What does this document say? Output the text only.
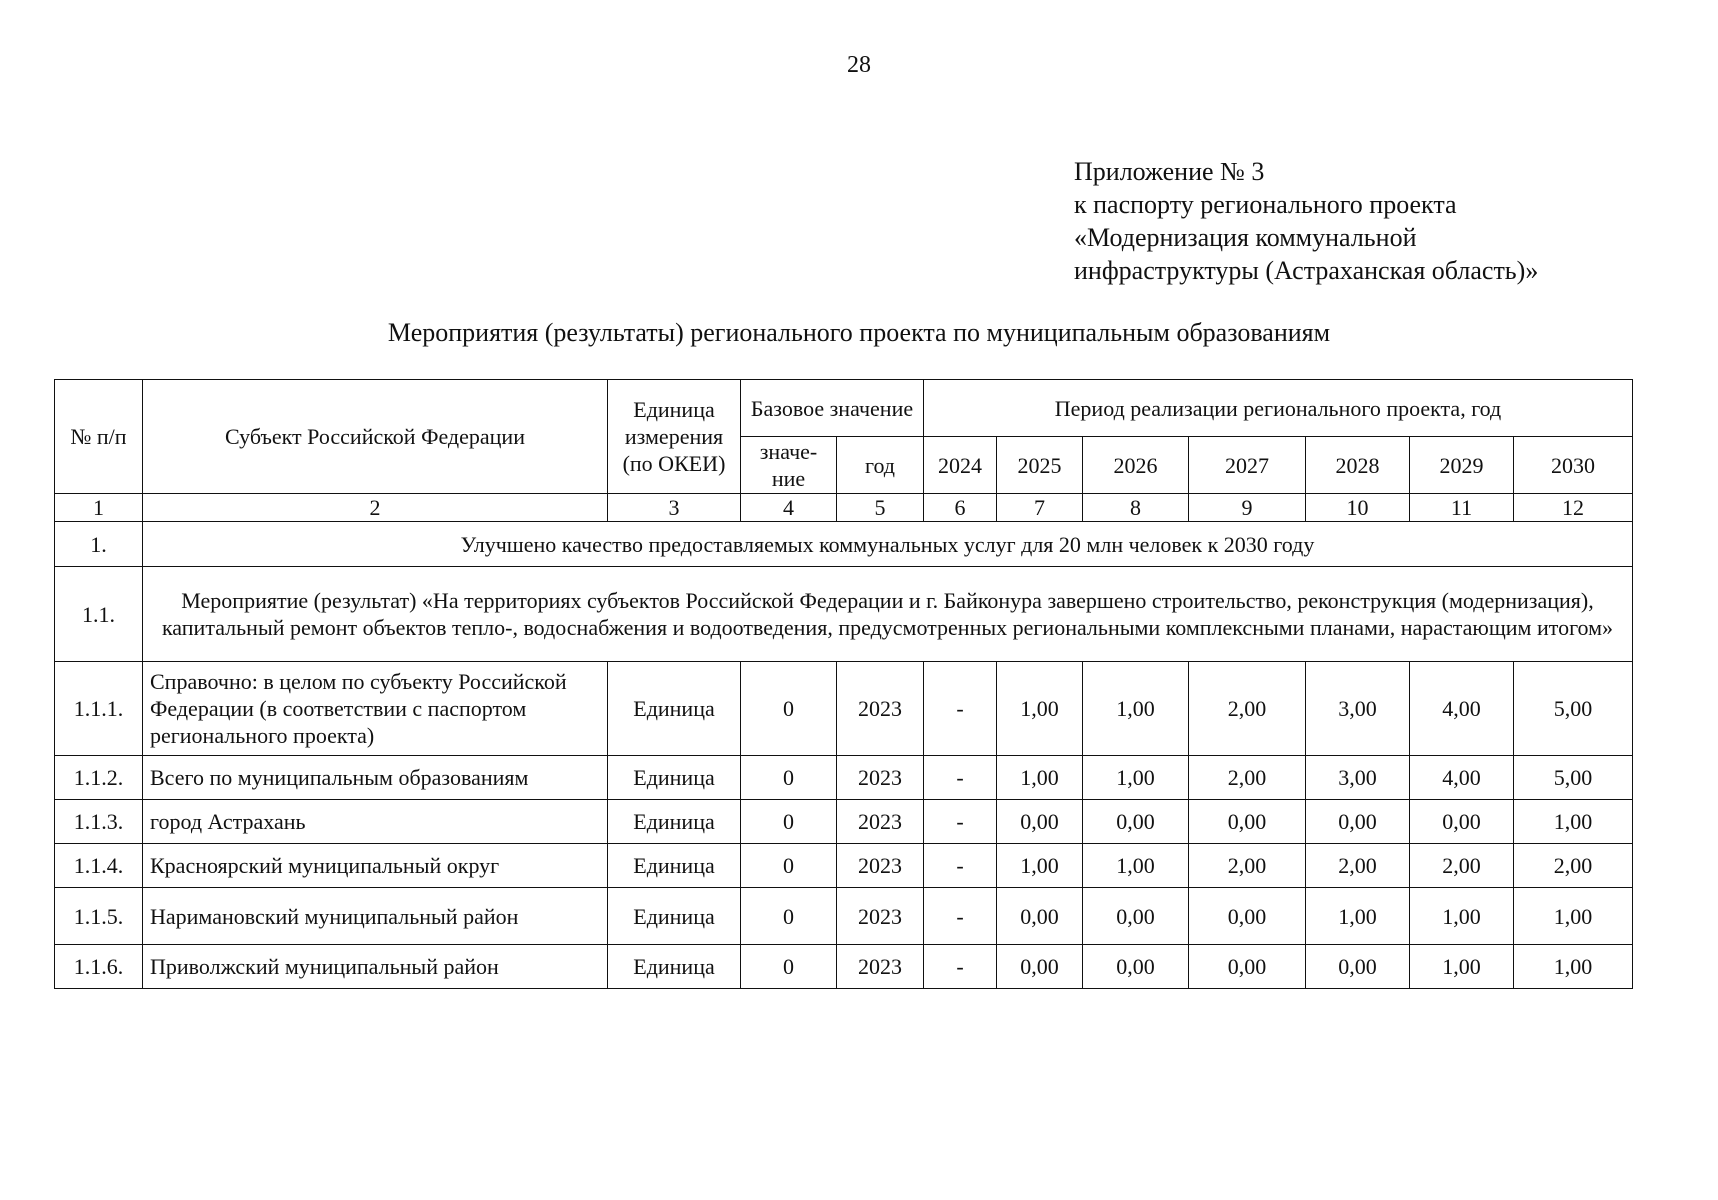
28
Приложение № 3
к паспорту регионального проекта
«Модернизация коммунальной
инфраструктуры (Астраханская область)»
Мероприятия (результаты) регионального проекта по муниципальным образованиям
№ п/п	Субъект Российской Федерации	Единица измерения (по ОКЕИ)	Базовое значение		Период реализации регионального проекта, год						
			значе-ние	год	2024	2025	2026	2027	2028	2029	2030
1	2	3	4	5	6	7	8	9	10	11	12
1.	Улучшено качество предоставляемых коммунальных услуг для 20 млн человек к 2030 году										
1.1.	Мероприятие (результат) «На территориях субъектов Российской Федерации и г. Байконура завершено строительство, реконструкция (модернизация), капитальный ремонт объектов тепло-, водоснабжения и водоотведения, предусмотренных региональными комплексными планами, нарастающим итогом»										
1.1.1.	Справочно: в целом по субъекту Российской Федерации (в соответствии с паспортом регионального проекта)	Единица	0	2023	-	1,00	1,00	2,00	3,00	4,00	5,00
1.1.2.	Всего по муниципальным образованиям	Единица	0	2023	-	1,00	1,00	2,00	3,00	4,00	5,00
1.1.3.	город Астрахань	Единица	0	2023	-	0,00	0,00	0,00	0,00	0,00	1,00
1.1.4.	Красноярский муниципальный округ	Единица	0	2023	-	1,00	1,00	2,00	2,00	2,00	2,00
1.1.5.	Наримановский муниципальный район	Единица	0	2023	-	0,00	0,00	0,00	1,00	1,00	1,00
1.1.6.	Приволжский муниципальный район	Единица	0	2023	-	0,00	0,00	0,00	0,00	1,00	1,00
